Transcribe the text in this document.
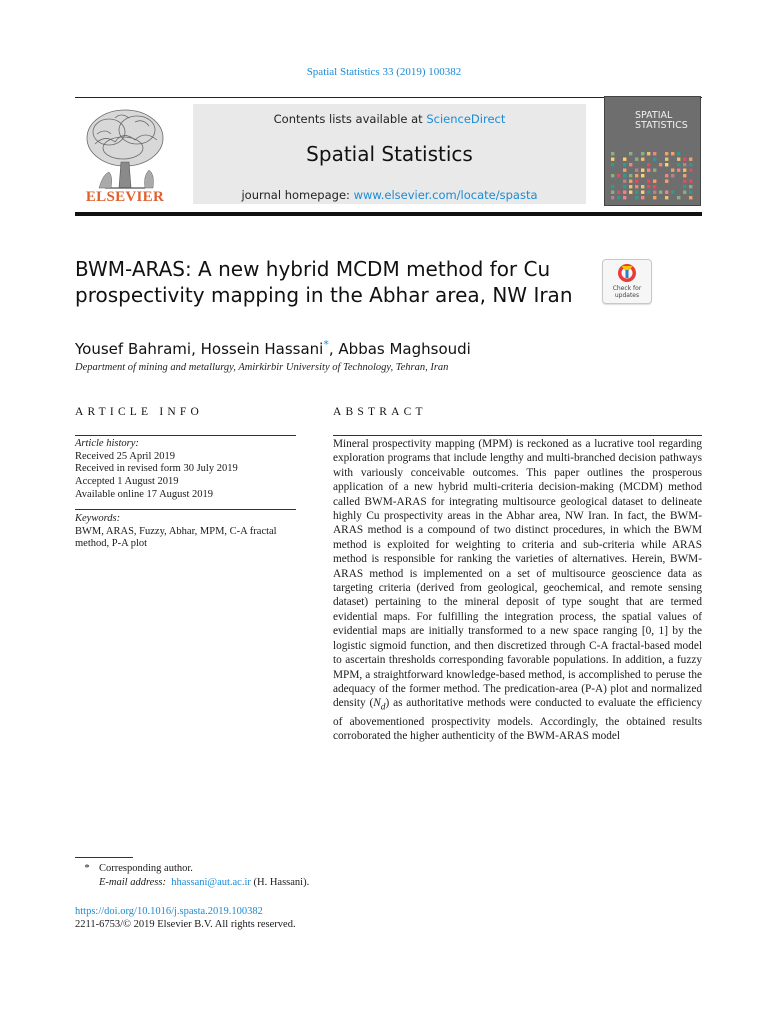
Spatial Statistics 33 (2019) 100382
ELSEVIER
Contents lists available at ScienceDirect
Spatial Statistics
journal homepage: www.elsevier.com/locate/spasta
SPATIAL STATISTICS
BWM-ARAS: A new hybrid MCDM method for Cu prospectivity mapping in the Abhar area, NW Iran	Check for updates
Yousef Bahrami, Hossein Hassani*, Abbas Maghsoudi
Department of mining and metallurgy, Amirkirbir University of Technology, Tehran, Iran
ARTICLE INFO	ABSTRACT
Article history:
Received 25 April 2019
Received in revised form 30 July 2019
Accepted 1 August 2019
Available online 17 August 2019
Keywords:
BWM, ARAS, Fuzzy, Abhar, MPM, C-A fractal method, P-A plot
Mineral prospectivity mapping (MPM) is reckoned as a lucrative tool regarding exploration programs that include lengthy and multi-branched decision pathways with variously conceivable outcomes. This paper outlines the prosperous application of a new hybrid multi-criteria decision-making (MCDM) method called BWM-ARAS for integrating multisource geological dataset to delineate highly Cu prospectivity areas in the Abhar area, NW Iran. In fact, the BWM-ARAS method is a compound of two distinct procedures, in which the BWM method is exploited for weighting to criteria and sub-criteria while ARAS method is responsible for ranking the varieties of alternatives. Herein, BWM-ARAS method is implemented on a set of multisource geoscience data as targeting criteria (derived from geological, geochemical, and remote sensing dataset) pertaining to the mineral deposit of type sought that are termed evidential maps. For fulfilling the integration process, the spatial values of evidential maps are initially transformed to a new space ranging [0, 1] by the logistic sigmoid function, and then discretized through C-A fractal-based model to ascertain thresholds corresponding favorable populations. In addition, a fuzzy MPM, a straightforward knowledge-based method, is accomplished to peruse the adequacy of the former method. The predication-area (P-A) plot and normalized density $(N_d)$ as authoritative methods were conducted to evaluate the efficiency of abovementioned prospectivity models. Accordingly, the obtained results corroborated the higher authenticity of the BWM-ARAS model
* Corresponding author.
E-mail address: hhassani@aut.ac.ir (H. Hassani).
https://doi.org/10.1016/j.spasta.2019.100382
2211-6753/© 2019 Elsevier B.V. All rights reserved.
